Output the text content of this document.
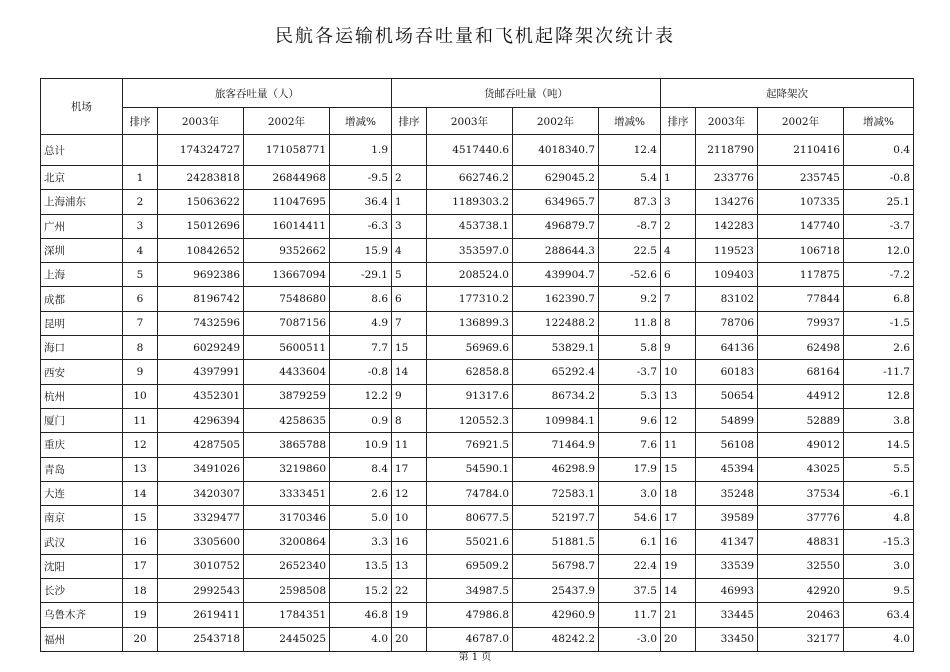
民航各运输机场吞吐量和飞机起降架次统计表
机场	旅客吞吐量（人）				货邮吞吐量（吨）				起降架次			
	排序	2003年	2002年	增减%	排序	2003年	2002年	增减%	排序	2003年	2002年	增减%
总计		174324727	171058771	1.9		4517440.6	4018340.7	12.4		2118790	2110416	0.4
北京	1	24283818	26844968	-9.5	2	662746.2	629045.2	5.4	1	233776	235745	-0.8
上海浦东	2	15063622	11047695	36.4	1	1189303.2	634965.7	87.3	3	134276	107335	25.1
广州	3	15012696	16014411	-6.3	3	453738.1	496879.7	-8.7	2	142283	147740	-3.7
深圳	4	10842652	9352662	15.9	4	353597.0	288644.3	22.5	4	119523	106718	12.0
上海	5	9692386	13667094	-29.1	5	208524.0	439904.7	-52.6	6	109403	117875	-7.2
成都	6	8196742	7548680	8.6	6	177310.2	162390.7	9.2	7	83102	77844	6.8
昆明	7	7432596	7087156	4.9	7	136899.3	122488.2	11.8	8	78706	79937	-1.5
海口	8	6029249	5600511	7.7	15	56969.6	53829.1	5.8	9	64136	62498	2.6
西安	9	4397991	4433604	-0.8	14	62858.8	65292.4	-3.7	10	60183	68164	-11.7
杭州	10	4352301	3879259	12.2	9	91317.6	86734.2	5.3	13	50654	44912	12.8
厦门	11	4296394	4258635	0.9	8	120552.3	109984.1	9.6	12	54899	52889	3.8
重庆	12	4287505	3865788	10.9	11	76921.5	71464.9	7.6	11	56108	49012	14.5
青岛	13	3491026	3219860	8.4	17	54590.1	46298.9	17.9	15	45394	43025	5.5
大连	14	3420307	3333451	2.6	12	74784.0	72583.1	3.0	18	35248	37534	-6.1
南京	15	3329477	3170346	5.0	10	80677.5	52197.7	54.6	17	39589	37776	4.8
武汉	16	3305600	3200864	3.3	16	55021.6	51881.5	6.1	16	41347	48831	-15.3
沈阳	17	3010752	2652340	13.5	13	69509.2	56798.7	22.4	19	33539	32550	3.0
长沙	18	2992543	2598508	15.2	22	34987.5	25437.9	37.5	14	46993	42920	9.5
乌鲁木齐	19	2619411	1784351	46.8	19	47986.8	42960.9	11.7	21	33445	20463	63.4
福州	20	2543718	2445025	4.0	20	46787.0	48242.2	-3.0	20	33450	32177	4.0
第 1 页
